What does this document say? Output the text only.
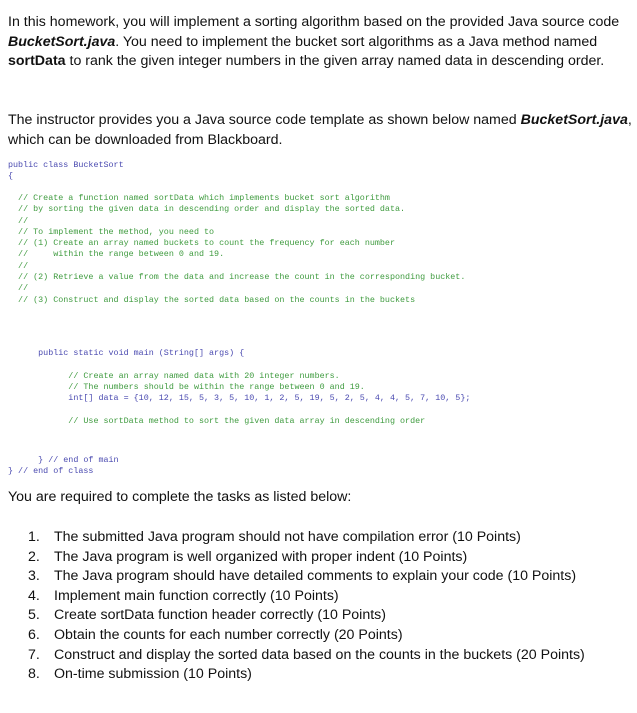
In this homework, you will implement a sorting algorithm based on the provided Java source code BucketSort.java. You need to implement the bucket sort algorithms as a Java method named sortData to rank the given integer numbers in the given array named data in descending order.
The instructor provides you a Java source code template as shown below named BucketSort.java, which can be downloaded from Blackboard.
public class BucketSort
{
// Create a function named sortData which implements bucket sort algorithm
// by sorting the given data in descending order and display the sorted data.
//
// To implement the method, you need to
// (1) Create an array named buckets to count the frequency for each number
//     within the range between 0 and 19.
//
// (2) Retrieve a value from the data and increase the count in the corresponding bucket.
//
// (3) Construct and display the sorted data based on the counts in the buckets
public static void main (String[] args) {

// Create an array named data with 20 integer numbers.
// The numbers should be within the range between 0 and 19.
int[] data = {10, 12, 15, 5, 3, 5, 10, 1, 2, 5, 19, 5, 2, 5, 4, 4, 5, 7, 10, 5};

// Use sortData method to sort the given data array in descending order
} // end of main
} // end of class
You are required to complete the tasks as listed below:
1. The submitted Java program should not have compilation error (10 Points)
2. The Java program is well organized with proper indent (10 Points)
3. The Java program should have detailed comments to explain your code (10 Points)
4. Implement main function correctly (10 Points)
5. Create sortData function header correctly (10 Points)
6. Obtain the counts for each number correctly (20 Points)
7. Construct and display the sorted data based on the counts in the buckets (20 Points)
8. On-time submission (10 Points)
